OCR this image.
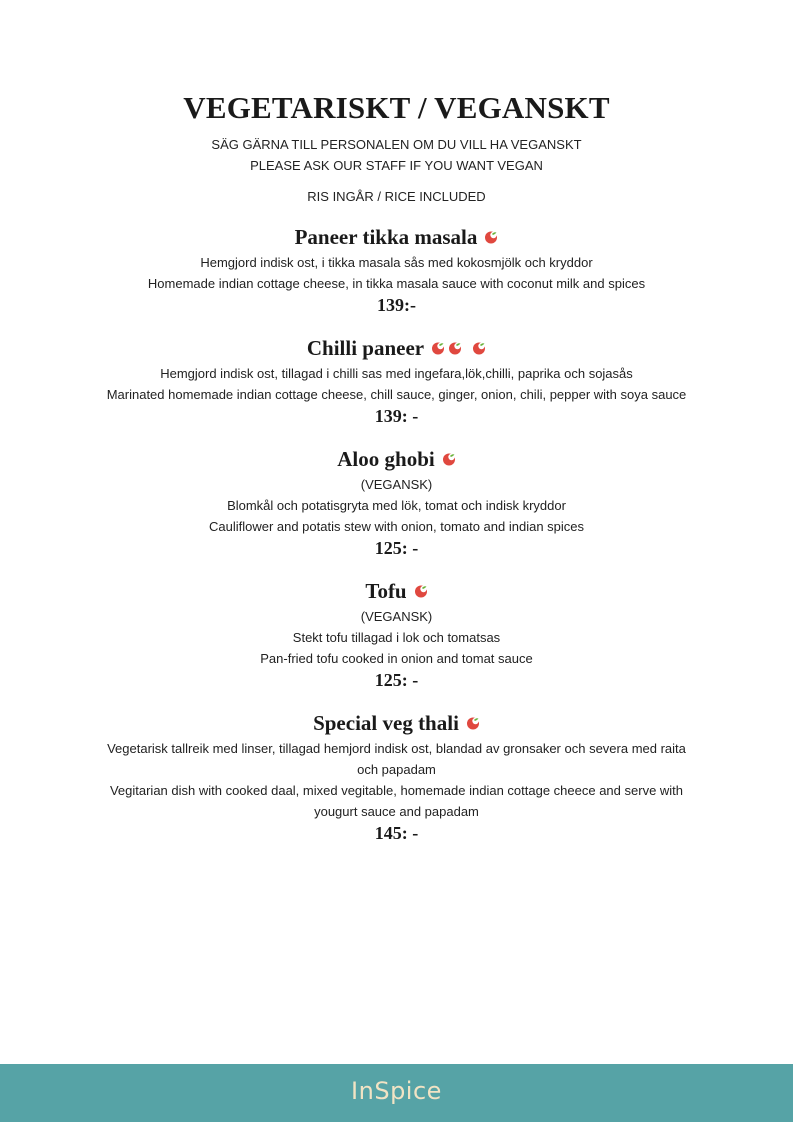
VEGETARISKT / VEGANSKT
SÄG GÄRNA TILL PERSONALEN OM DU VILL HA VEGANSKT
PLEASE ASK OUR STAFF IF YOU WANT VEGAN
RIS INGÅR / RICE INCLUDED
Paneer tikka masala
Hemgjord indisk ost, i tikka masala sås med kokosmjölk och kryddor
Homemade indian cottage cheese, in tikka masala sauce with coconut milk and spices
139:-
Chilli paneer
Hemgjord indisk ost, tillagad i chilli sas med ingefara,lök,chilli, paprika och sojasås
Marinated homemade indian cottage cheese, chill sauce, ginger, onion, chili, pepper with soya sauce
139: -
Aloo ghobi
(VEGANSK)
Blomkål och potatisgryta med lök, tomat och indisk kryddor
Cauliflower and potatis stew with onion, tomato and indian spices
125: -
Tofu
(VEGANSK)
Stekt tofu tillagad i lok och tomatsas
Pan-fried tofu cooked in onion and tomat sauce
125: -
Special veg thali
Vegetarisk tallreik med linser, tillagad hemjord indisk ost, blandad av gronsaker och severa med raita och papadam
Vegitarian dish with cooked daal, mixed vegitable, homemade indian cottage cheece and serve with yougurt sauce and papadam
145: -
InSpice
